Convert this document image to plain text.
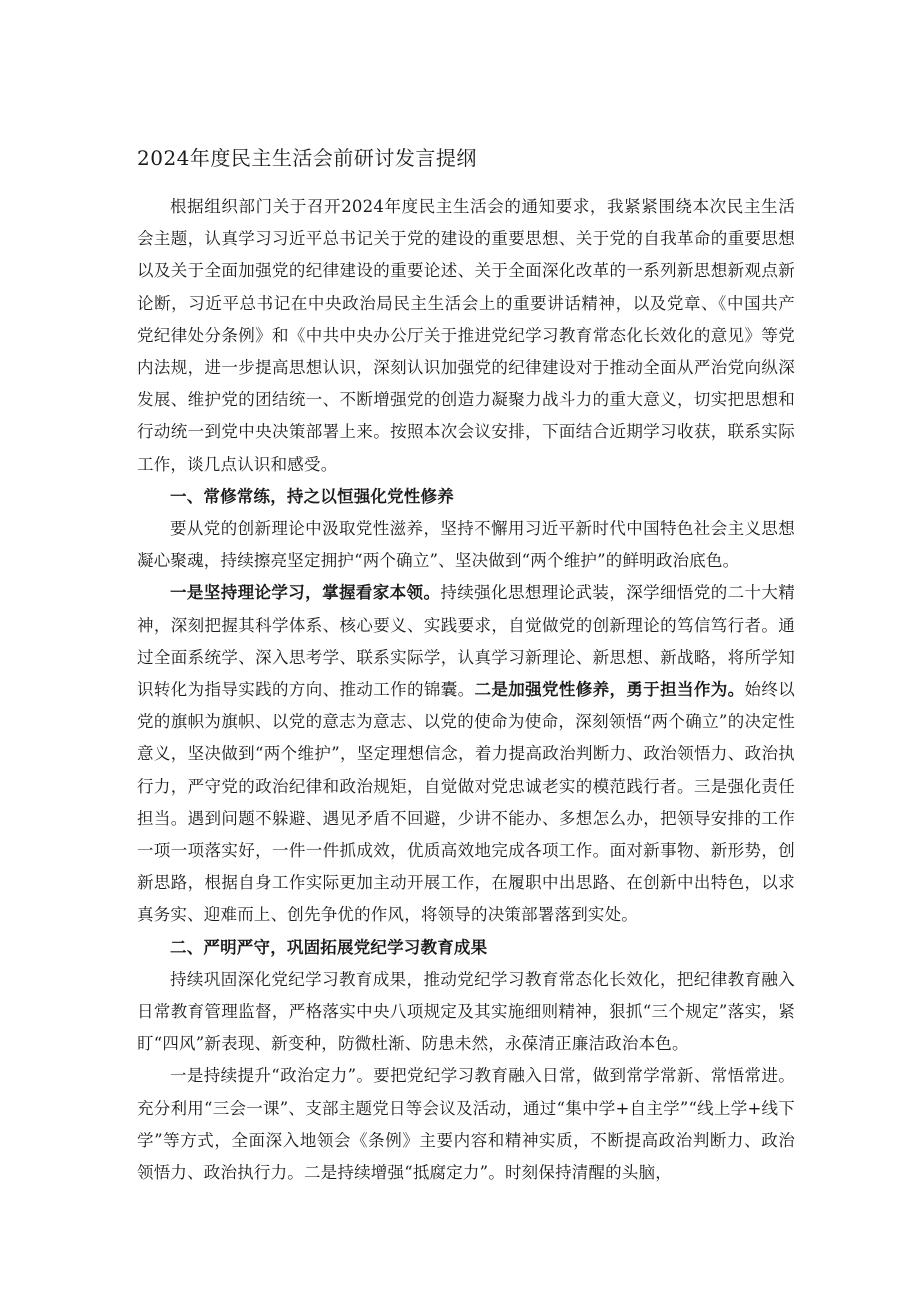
2024年度民主生活会前研讨发言提纲

根据组织部门关于召开2024年度民主生活会的通知要求，我紧紧围绕本次民主生活会主题，认真学习习近平总书记关于党的建设的重要思想、关于党的自我革命的重要思想以及关于全面加强党的纪律建设的重要论述、关于全面深化改革的一系列新思想新观点新论断，习近平总书记在中央政治局民主生活会上的重要讲话精神，以及党章、《中国共产党纪律处分条例》和《中共中央办公厅关于推进党纪学习教育常态化长效化的意见》等党内法规，进一步提高思想认识，深刻认识加强党的纪律建设对于推动全面从严治党向纵深发展、维护党的团结统一、不断增强党的创造力凝聚力战斗力的重大意义，切实把思想和行动统一到党中央决策部署上来。按照本次会议安排，下面结合近期学习收获，联系实际工作，谈几点认识和感受。

一、常修常练，持之以恒强化党性修养

要从党的创新理论中汲取党性滋养，坚持不懈用习近平新时代中国特色社会主义思想凝心聚魂，持续擦亮坚定拥护“两个确立”、坚决做到“两个维护”的鲜明政治底色。

一是坚持理论学习，掌握看家本领。持续强化思想理论武装，深学细悟党的二十大精神，深刻把握其科学体系、核心要义、实践要求，自觉做党的创新理论的笃信笃行者。通过全面系统学、深入思考学、联系实际学，认真学习新理论、新思想、新战略，将所学知识转化为指导实践的方向、推动工作的锦囊。二是加强党性修养，勇于担当作为。始终以党的旗帜为旗帜、以党的意志为意志、以党的使命为使命，深刻领悟“两个确立”的决定性意义，坚决做到“两个维护”，坚定理想信念，着力提高政治判断力、政治领悟力、政治执行力，严守党的政治纪律和政治规矩，自觉做对党忠诚老实的模范践行者。三是强化责任担当。遇到问题不躲避、遇见矛盾不回避，少讲不能办、多想怎么办，把领导安排的工作一项一项落实好，一件一件抓成效，优质高效地完成各项工作。面对新事物、新形势，创新思路，根据自身工作实际更加主动开展工作，在履职中出思路、在创新中出特色，以求真务实、迎难而上、创先争优的作风，将领导的决策部署落到实处。

二、严明严守，巩固拓展党纪学习教育成果

持续巩固深化党纪学习教育成果，推动党纪学习教育常态化长效化，把纪律教育融入日常教育管理监督，严格落实中央八项规定及其实施细则精神，狠抓“三个规定”落实，紧盯“四风”新表现、新变种，防微杜渐、防患未然，永葆清正廉洁政治本色。

一是持续提升“政治定力”。要把党纪学习教育融入日常，做到常学常新、常悟常进。充分利用“三会一课”、支部主题党日等会议及活动，通过“集中学+自主学”“线上学+线下学”等方式，全面深入地领会《条例》主要内容和精神实质，不断提高政治判断力、政治领悟力、政治执行力。二是持续增强“抵腐定力”。时刻保持清醒的头脑，
